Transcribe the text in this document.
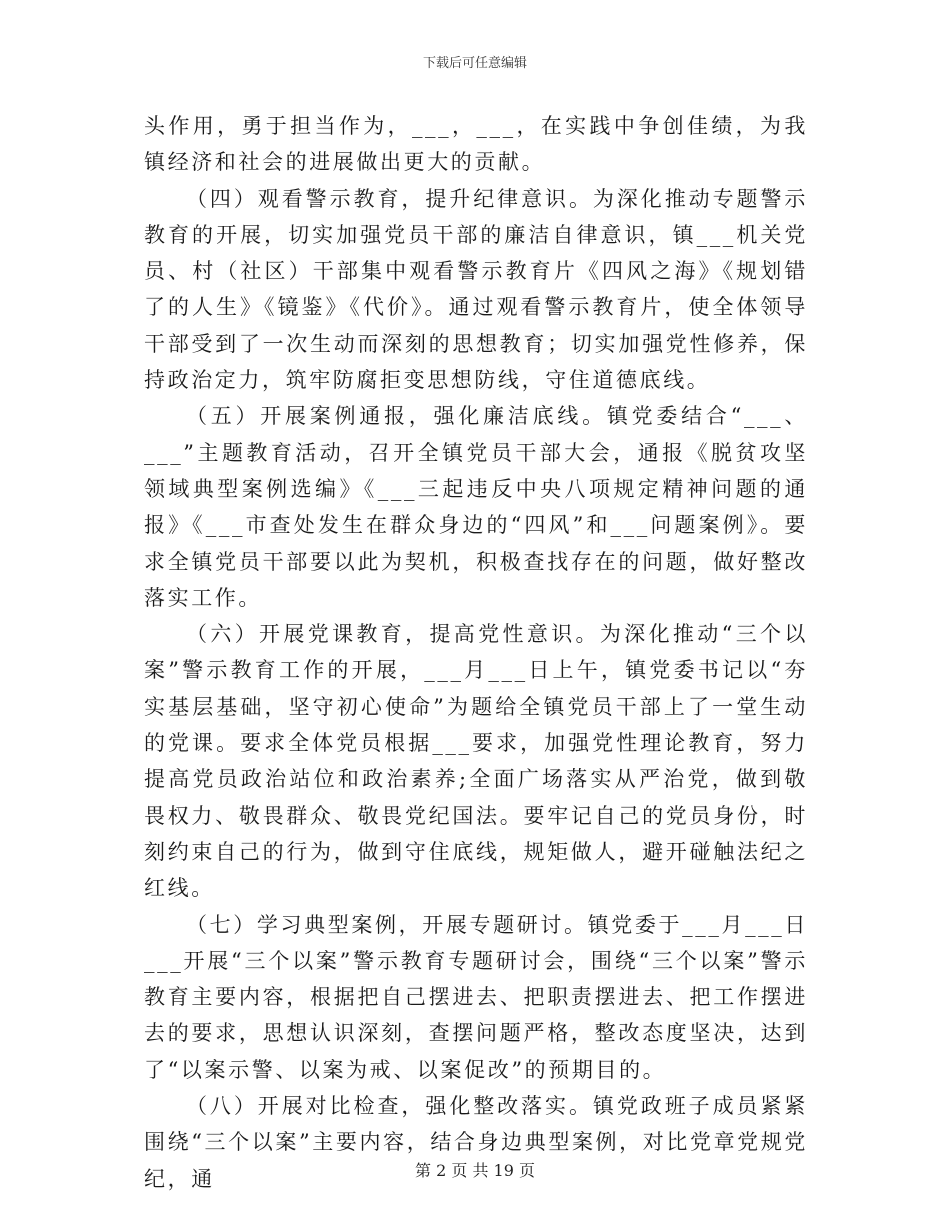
下载后可任意编辑

头作用，勇于担当作为，___，___，在实践中争创佳绩，为我镇经济和社会的进展做出更大的贡献。

（四）观看警示教育，提升纪律意识。为深化推动专题警示教育的开展，切实加强党员干部的廉洁自律意识，镇___机关党员、村（社区）干部集中观看警示教育片《四风之海》《规划错了的人生》《镜鉴》《代价》。通过观看警示教育片，使全体领导干部受到了一次生动而深刻的思想教育；切实加强党性修养，保持政治定力，筑牢防腐拒变思想防线，守住道德底线。

（五）开展案例通报，强化廉洁底线。镇党委结合“___、___”主题教育活动，召开全镇党员干部大会，通报《脱贫攻坚领域典型案例选编》《___三起违反中央八项规定精神问题的通报》《___市查处发生在群众身边的“四风”和___问题案例》。要求全镇党员干部要以此为契机，积极查找存在的问题，做好整改落实工作。

（六）开展党课教育，提高党性意识。为深化推动“三个以案”警示教育工作的开展，___月___日上午，镇党委书记以“夯实基层基础，坚守初心使命”为题给全镇党员干部上了一堂生动的党课。要求全体党员根据___要求，加强党性理论教育，努力提高党员政治站位和政治素养;全面广场落实从严治党，做到敬畏权力、敬畏群众、敬畏党纪国法。要牢记自己的党员身份，时刻约束自己的行为，做到守住底线，规矩做人，避开碰触法纪之红线。

（七）学习典型案例，开展专题研讨。镇党委于___月___日___开展“三个以案”警示教育专题研讨会，围绕“三个以案”警示教育主要内容，根据把自己摆进去、把职责摆进去、把工作摆进去的要求，思想认识深刻，查摆问题严格，整改态度坚决，达到了“以案示警、以案为戒、以案促改”的预期目的。

（八）开展对比检查，强化整改落实。镇党政班子成员紧紧围绕“三个以案”主要内容，结合身边典型案例，对比党章党规党纪，通	第 2 页 共 19 页
